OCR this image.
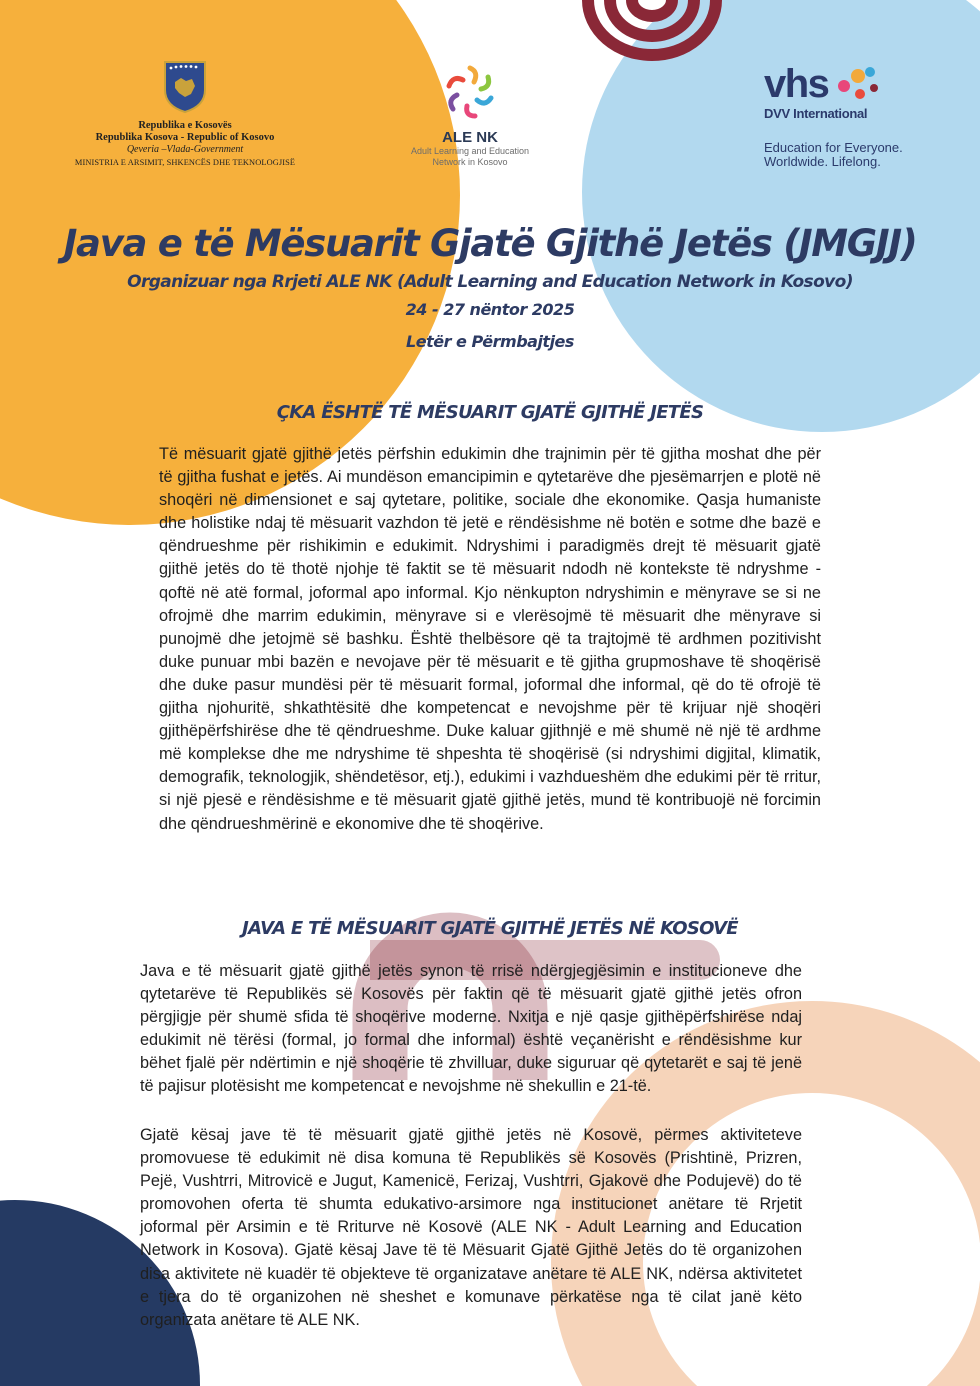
Republika e Kosovës
Republika Kosova - Republic of Kosovo
Qeveria –Vlada-Government
MINISTRIA E ARSIMIT, SHKENCËS DHE TEKNOLOGJISË
ALE NK
Adult Learning and Education
Network in Kosovo
vhs
DVV International
Education for Everyone.
Worldwide. Lifelong.
Java e të Mësuarit Gjatë Gjithë Jetës (JMGJJ)
Organizuar nga Rrjeti ALE NK (Adult Learning and Education Network in Kosovo)
24 - 27 nëntor 2025
Letër e Përmbajtjes
ÇKA ËSHTË TË MËSUARIT GJATË GJITHË JETËS
Të mësuarit gjatë gjithë jetës përfshin edukimin dhe trajnimin për të gjitha moshat dhe për të gjitha fushat e jetës. Ai mundëson emancipimin e qytetarëve dhe pjesëmarrjen e plotë në shoqëri në dimensionet e saj qytetare, politike, sociale dhe ekonomike. Qasja humaniste dhe holistike ndaj të mësuarit vazhdon të jetë e rëndësishme në botën e sotme dhe bazë e qëndrueshme për rishikimin e edukimit. Ndryshimi i paradigmës drejt të mësuarit gjatë gjithë jetës do të thotë njohje të faktit se të mësuarit ndodh në kontekste të ndryshme - qoftë në atë formal, joformal apo informal. Kjo nënkupton ndryshimin e mënyrave se si ne ofrojmë dhe marrim edukimin, mënyrave si e vlerësojmë të mësuarit dhe mënyrave si punojmë dhe jetojmë së bashku. Është thelbësore që ta trajtojmë të ardhmen pozitivisht duke punuar mbi bazën e nevojave për të mësuarit e të gjitha grupmoshave të shoqërisë dhe duke pasur mundësi për të mësuarit formal, joformal dhe informal, që do të ofrojë të gjitha njohuritë, shkathtësitë dhe kompetencat e nevojshme për të krijuar një shoqëri gjithëpërfshirëse dhe të qëndrueshme. Duke kaluar gjithnjë e më shumë në një të ardhme më komplekse dhe me ndryshime të shpeshta të shoqërisë (si ndryshimi digjital, klimatik, demografik, teknologjik, shëndetësor, etj.), edukimi i vazhdueshëm dhe edukimi për të rritur, si një pjesë e rëndësishme e të mësuarit gjatë gjithë jetës, mund të kontribuojë në forcimin dhe qëndrueshmërinë e ekonomive dhe të shoqërive.
JAVA E TË MËSUARIT GJATË GJITHË JETËS NË KOSOVË
Java e të mësuarit gjatë gjithë jetës synon të rrisë ndërgjegjësimin e institucioneve dhe qytetarëve të Republikës së Kosovës për faktin që të mësuarit gjatë gjithë jetës ofron përgjigje për shumë sfida të shoqërive moderne. Nxitja e një qasje gjithëpërfshirëse ndaj edukimit në tërësi (formal, jo formal dhe informal) është veçanërisht e rëndësishme kur bëhet fjalë për ndërtimin e një shoqërie të zhvilluar, duke siguruar që qytetarët e saj të jenë të pajisur plotësisht me kompetencat e nevojshme në shekullin e 21-të.
Gjatë kësaj jave të të mësuarit gjatë gjithë jetës në Kosovë, përmes aktiviteteve promovuese të edukimit në disa komuna të Republikës së Kosovës (Prishtinë, Prizren, Pejë, Vushtrri, Mitrovicë e Jugut, Kamenicë, Ferizaj, Vushtrri, Gjakovë dhe Podujevë) do të promovohen oferta të shumta edukativo-arsimore nga institucionet anëtare të Rrjetit joformal për Arsimin e të Rriturve në Kosovë (ALE NK - Adult Learning and Education Network in Kosova). Gjatë kësaj Jave të të Mësuarit Gjatë Gjithë Jetës do të organizohen disa aktivitete në kuadër të objekteve të organizatave anëtare të ALE NK, ndërsa aktivitetet e tjera do të organizohen në sheshet e komunave përkatëse nga të cilat janë këto organizata anëtare të ALE NK.
